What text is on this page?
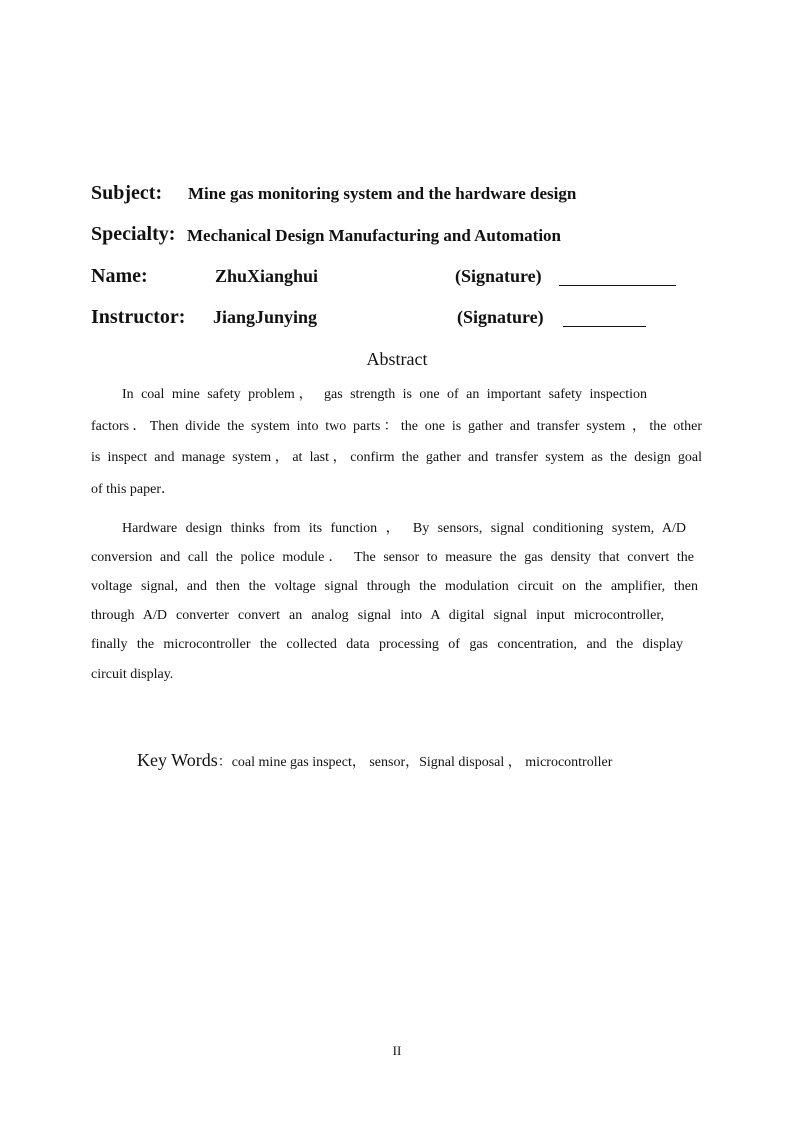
Subject: Mine gas monitoring system and the hardware design
Specialty: Mechanical Design Manufacturing and Automation
Name:	ZhuXianghui	(Signature)
Instructor: JiangJunying	(Signature)
Abstract
In coal mine safety problem， gas strength is one of an important safety inspection
factors．Then divide the system into two parts：the one is gather and transfer system ，the other
is inspect and manage system，at last，confirm the gather and transfer system as the design goal
of this paper．
Hardware design thinks from its function ， By sensors, signal conditioning system, A/D
conversion and call the police module． The sensor to measure the gas density that convert the
voltage signal, and then the voltage signal through the modulation circuit on the amplifier, then
through A/D converter convert an analog signal into A digital signal input microcontroller,
finally the microcontroller the collected data processing of gas concentration, and the display
circuit display.
Key Words：coal mine gas inspect， sensor，Signal disposal ， microcontroller
II
